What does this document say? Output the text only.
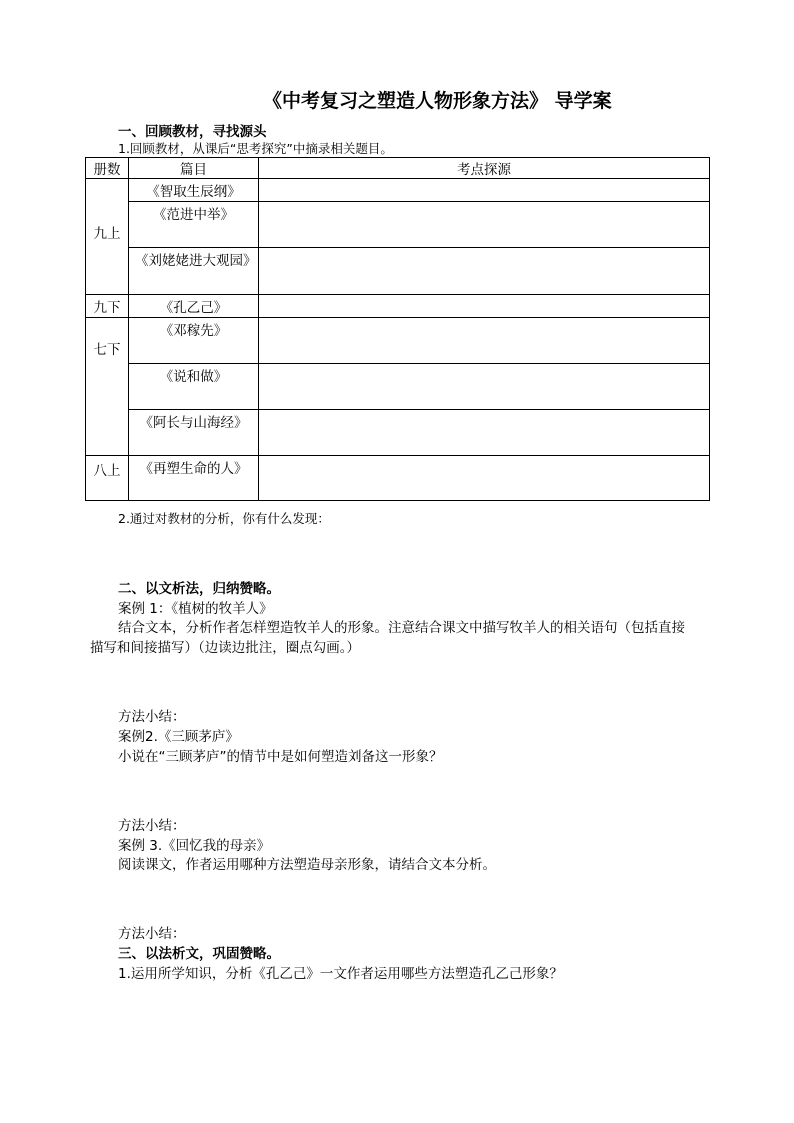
《中考复习之塑造人物形象方法》 导学案
一、回顾教材，寻找源头
1.回顾教材，从课后“思考探究”中摘录相关题目。
册数	篇目	考点探源

九上	《智取生辰纲》	
	《范进中举》	
	《刘姥姥进大观园》	

九下	《孔乙己》	

七下	《邓稼先》	
	《说和做》	
	《阿长与山海经》	

八上	《再塑生命的人》	
2.通过对教材的分析，你有什么发现：
二、以文析法，归纳赞略。
案例 1：《植树的牧羊人》
结合文本，分析作者怎样塑造牧羊人的形象。注意结合课文中描写牧羊人的相关语句（包括直接
描写和间接描写）（边读边批注，圈点勾画。）
方法小结：
案例2.《三顾茅庐》
小说在“三顾茅庐”的情节中是如何塑造刘备这一形象？
方法小结：
案例 3.《回忆我的母亲》
阅读课文，作者运用哪种方法塑造母亲形象，请结合文本分析。
方法小结：
三、以法析文，巩固赞略。
1.运用所学知识，分析《孔乙己》一文作者运用哪些方法塑造孔乙己形象？
